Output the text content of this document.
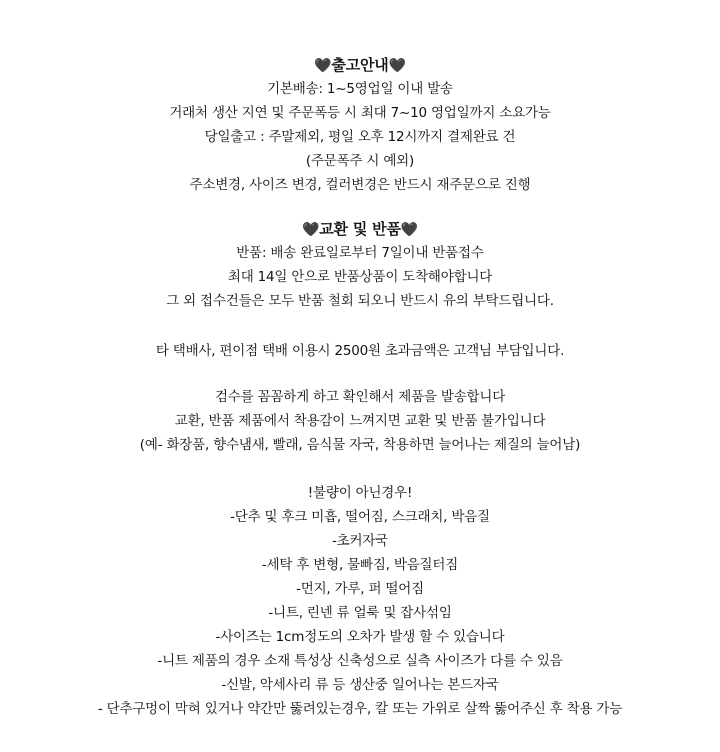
🖤출고안내🖤
기본배송: 1~5영업일 이내 발송
거래처 생산 지연 및 주문폭등 시 최대 7~10 영업일까지 소요가능
당일출고 : 주말제외, 평일 오후 12시까지 결제완료 건
(주문폭주 시 예외)
주소변경, 사이즈 변경, 컬러변경은 반드시 재주문으로 진행
🖤교환 및 반품🖤
반품: 배송 완료일로부터 7일이내 반품접수
최대 14일 안으로 반품상품이 도착해야합니다
그 외 접수건들은 모두 반품 철회 되오니 반드시 유의 부탁드립니다.
타 택배사, 편이점 택배 이용시 2500원 초과금액은 고객님 부담입니다.
검수를 꼼꼼하게 하고 확인해서 제품을 발송합니다
교환, 반품 제품에서 착용감이 느껴지면 교환 및 반품 불가입니다
(예- 화장품, 향수냄새, 빨래, 음식물 자국, 착용하면 늘어나는 제질의 늘어남)
!불량이 아닌경우!
-단추 및 후크 미흡, 떨어짐, 스크래치, 박음질
-초커자국
-세탁 후 변형, 물빠짐, 박음질터짐
-먼지, 가루, 퍼 떨어짐
-니트, 린넨 류 얼룩 및 잡사섞임
-사이즈는 1cm정도의 오차가 발생 할 수 있습니다
-니트 제품의 경우 소재 특성상 신축성으로 실측 사이즈가 다를 수 있음
-신발, 악세사리 류 등 생산중 일어나는 본드자국
- 단추구멍이 막혀 있거나 약간만 뚫려있는경우, 칼 또는 가위로 살짝 뚫어주신 후 착용 가능
